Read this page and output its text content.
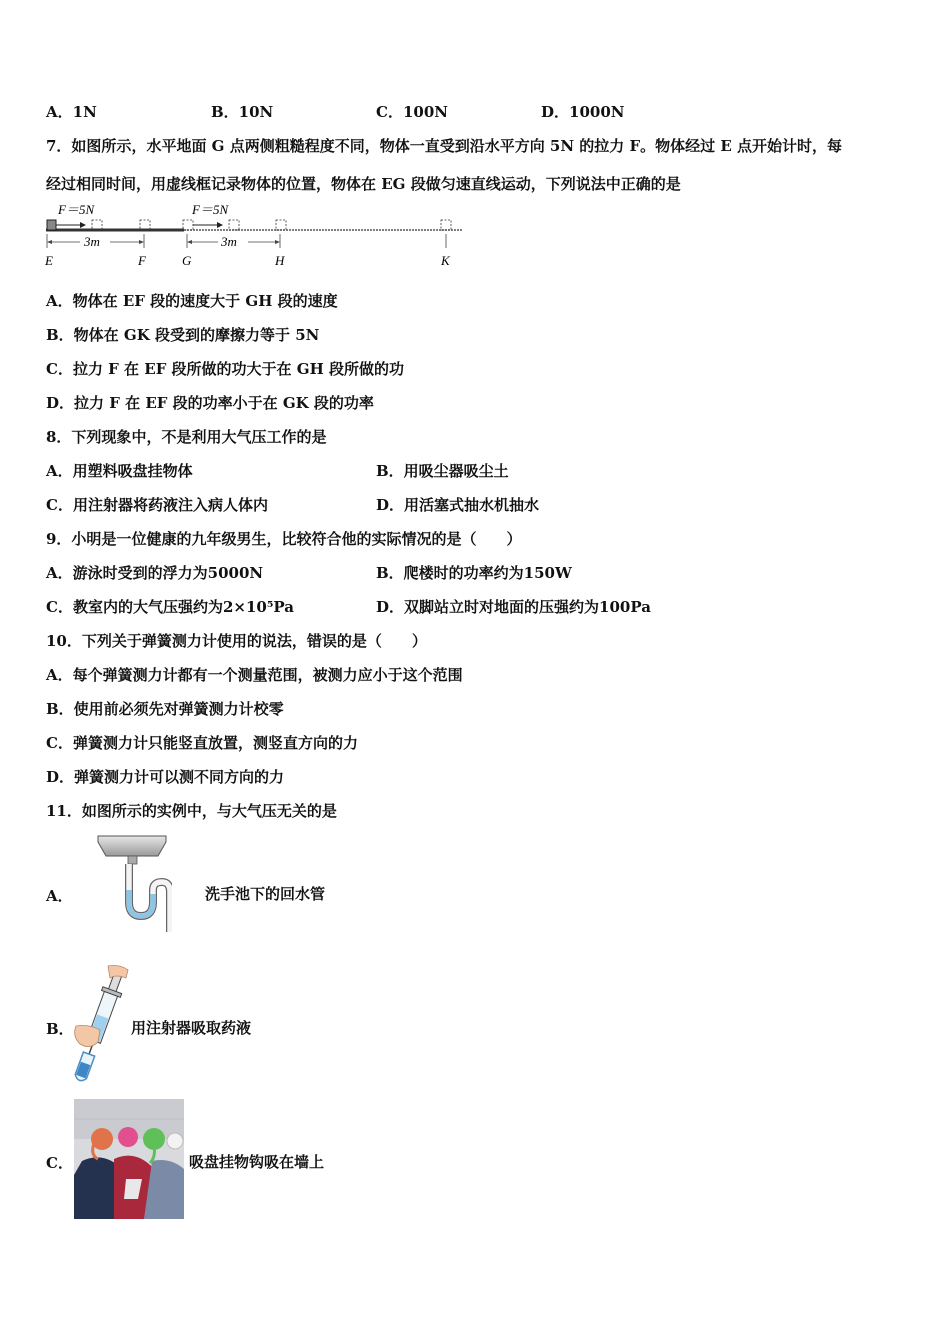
A．1N	B．10N	C．100N	D．1000N
7．如图所示，水平地面 G 点两侧粗糙程度不同，物体一直受到沿水平方向 5N 的拉力 F。物体经过 E 点开始计时，每
经过相同时间，用虚线框记录物体的位置，物体在 EG 段做匀速直线运动，下列说法中正确的是
F＝5N	F＝5N
3m	3m
E	F	G	H	K
A．物体在 EF 段的速度大于 GH 段的速度
B．物体在 GK 段受到的摩擦力等于 5N
C．拉力 F 在 EF 段所做的功大于在 GH 段所做的功
D．拉力 F 在 EF 段的功率小于在 GK 段的功率
8．下列现象中，不是利用大气压工作的是
A．用塑料吸盘挂物体	B．用吸尘器吸尘土
C．用注射器将药液注入病人体内	D．用活塞式抽水机抽水
9．小明是一位健康的九年级男生，比较符合他的实际情况的是（　　）
A．游泳时受到的浮力为5000N	B．爬楼时的功率约为150W
C．教室内的大气压强约为2×10⁵Pa	D．双脚站立时对地面的压强约为100Pa
10．下列关于弹簧测力计使用的说法，错误的是（　　）
A．每个弹簧测力计都有一个测量范围，被测力应小于这个范围
B．使用前必须先对弹簧测力计校零
C．弹簧测力计只能竖直放置，测竖直方向的力
D．弹簧测力计可以测不同方向的力
11．如图所示的实例中，与大气压无关的是
A．	洗手池下的回水管
B．	用注射器吸取药液
C．	吸盘挂物钩吸在墙上
